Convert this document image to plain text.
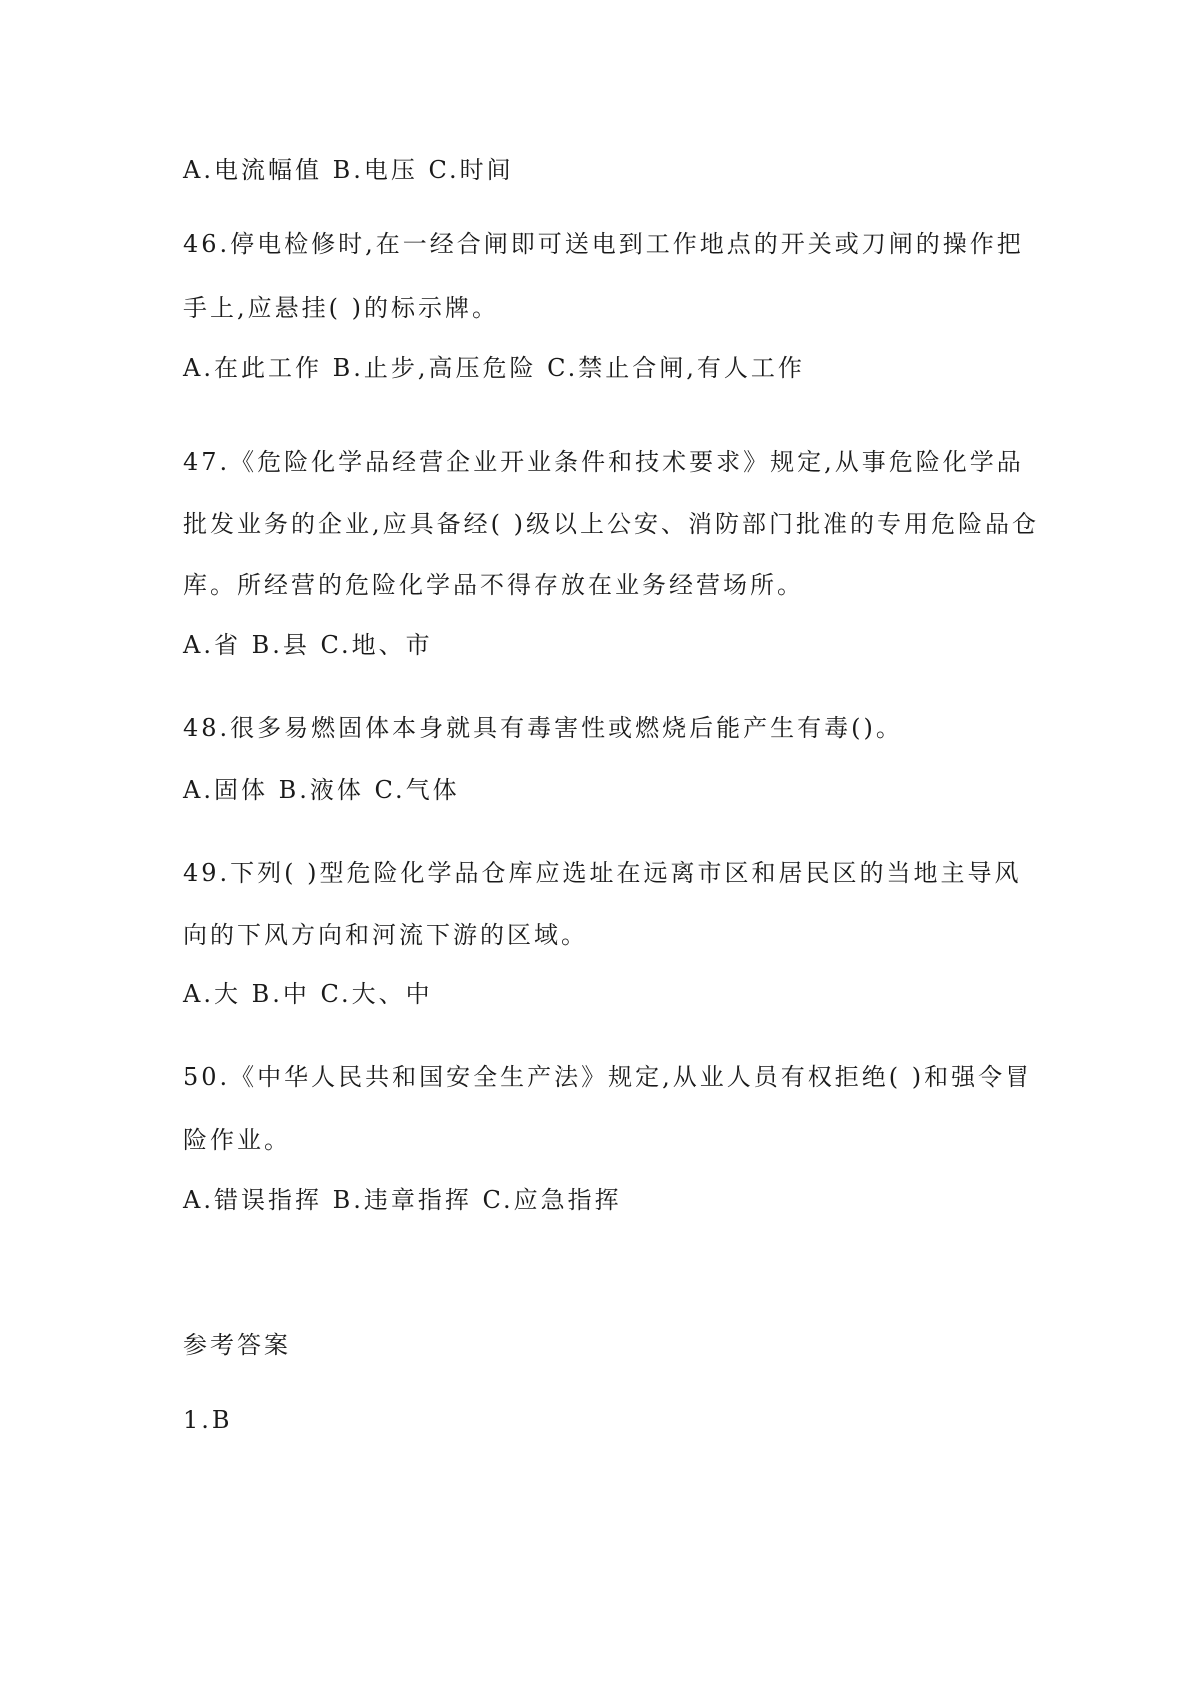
A.电流幅值 B.电压 C.时间
46.停电检修时,在一经合闸即可送电到工作地点的开关或刀闸的操作把
手上,应悬挂( )的标示牌。
A.在此工作 B.止步,高压危险 C.禁止合闸,有人工作
47.《危险化学品经营企业开业条件和技术要求》规定,从事危险化学品
批发业务的企业,应具备经( )级以上公安、消防部门批准的专用危险品仓
库。所经营的危险化学品不得存放在业务经营场所。
A.省 B.县 C.地、市
48.很多易燃固体本身就具有毒害性或燃烧后能产生有毒()。
A.固体 B.液体 C.气体
49.下列( )型危险化学品仓库应选址在远离市区和居民区的当地主导风
向的下风方向和河流下游的区域。
A.大 B.中 C.大、中
50.《中华人民共和国安全生产法》规定,从业人员有权拒绝( )和强令冒
险作业。
A.错误指挥 B.违章指挥 C.应急指挥
参考答案
1.B
